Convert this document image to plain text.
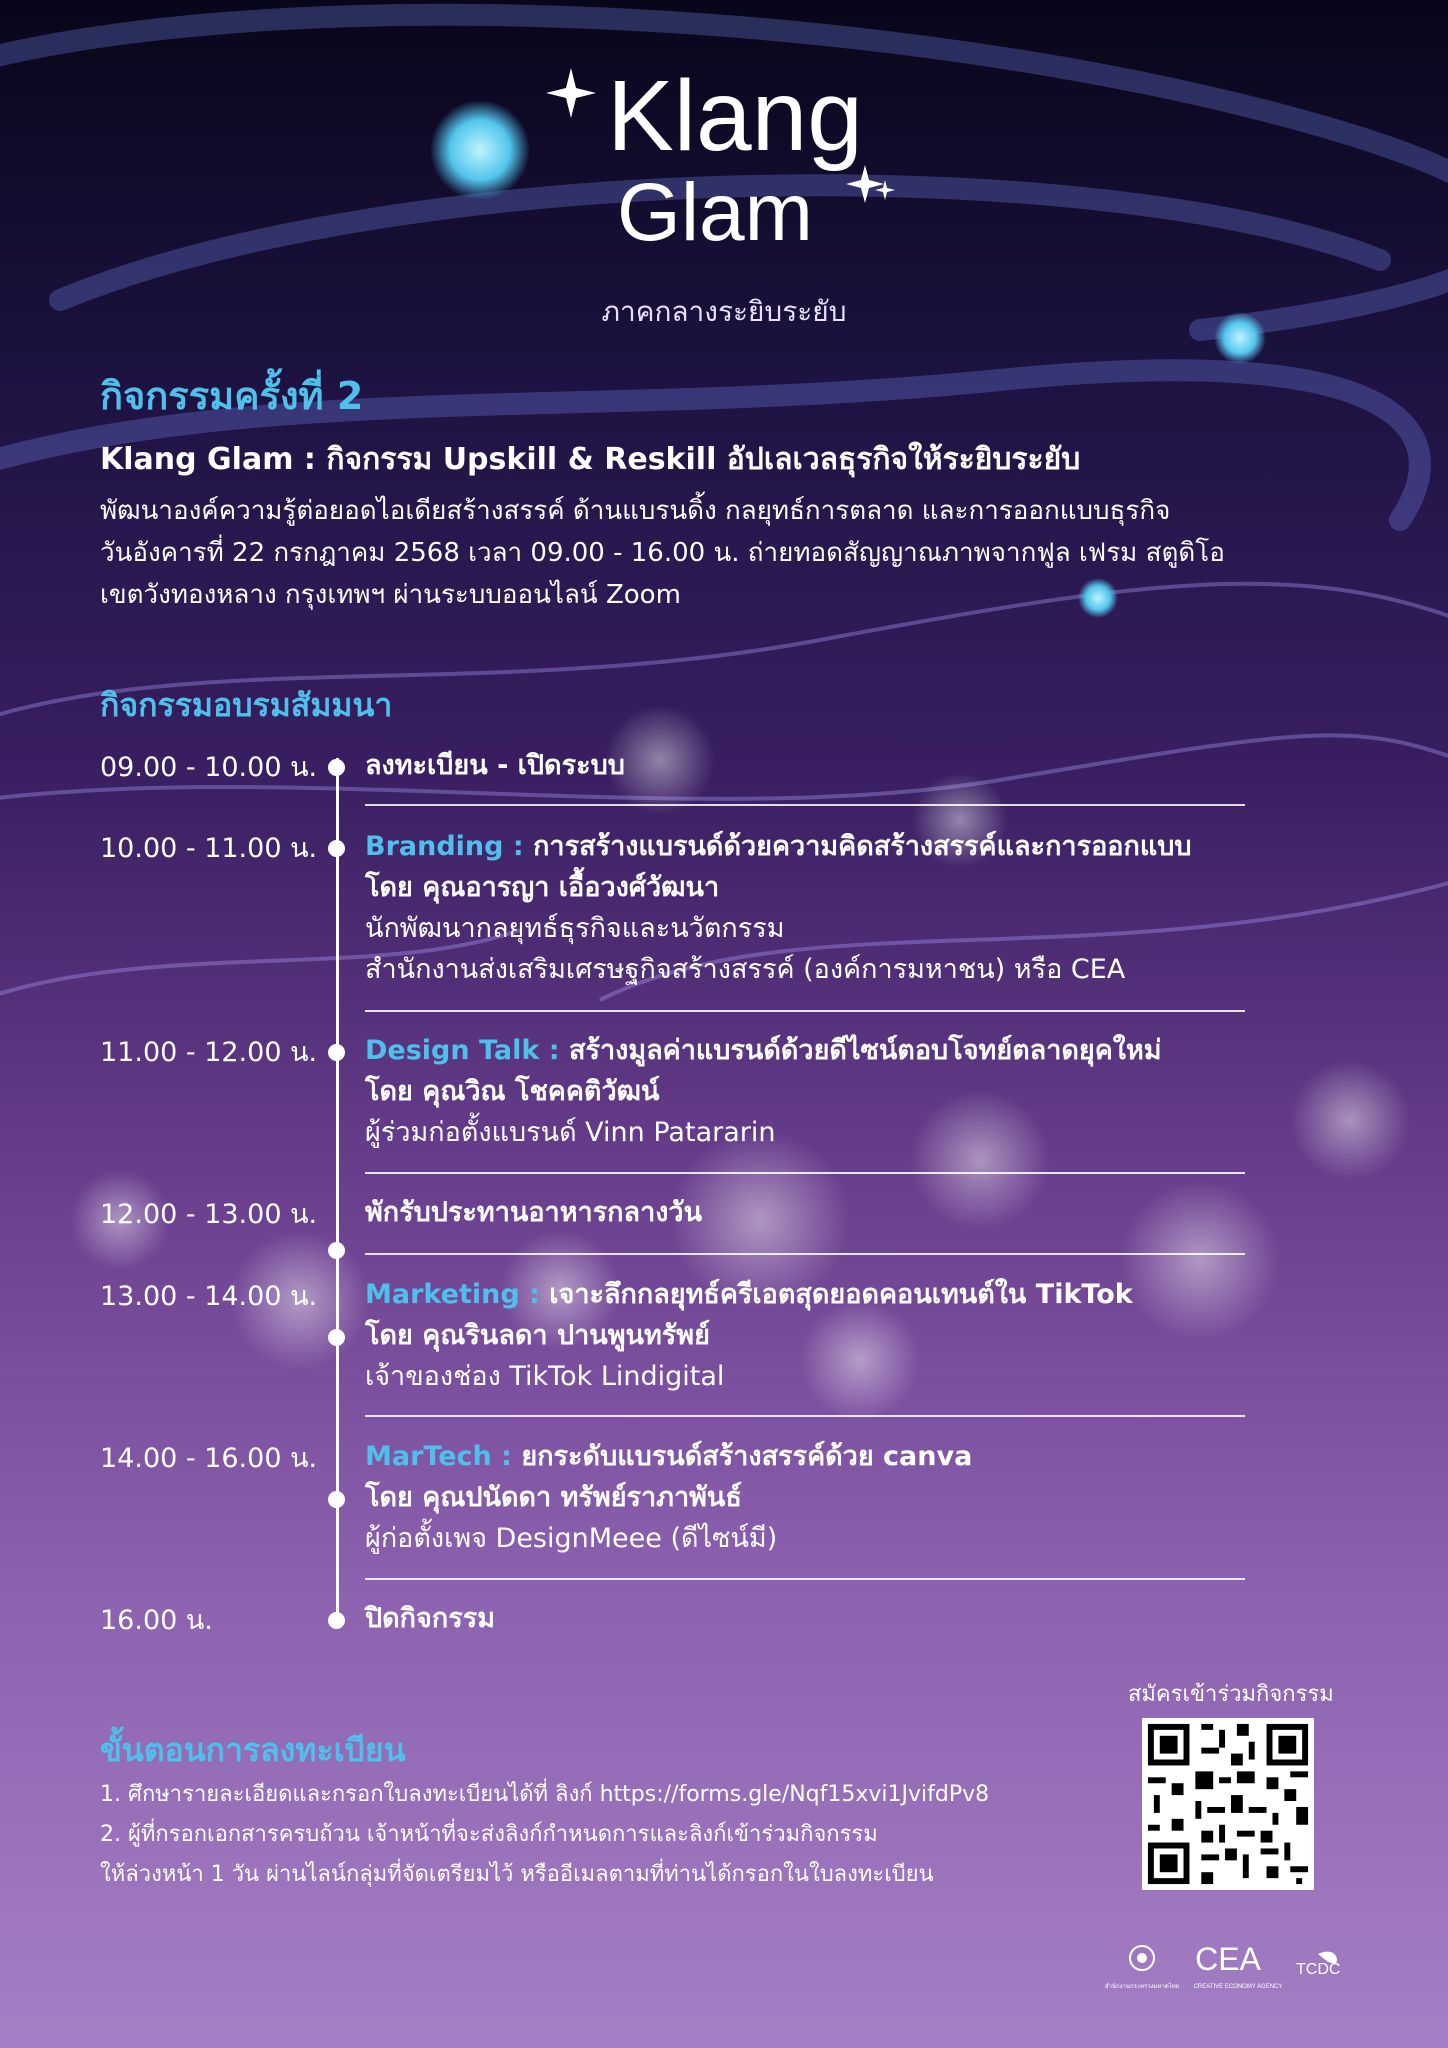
Klang
Glam
ภาคกลางระยิบระยับ
กิจกรรมครั้งที่ 2
Klang Glam : กิจกรรม Upskill & Reskill อัปเลเวลธุรกิจให้ระยิบระยับ
พัฒนาองค์ความรู้ต่อยอดไอเดียสร้างสรรค์ ด้านแบรนดิ้ง กลยุทธ์การตลาด และการออกแบบธุรกิจ
วันอังคารที่ 22 กรกฎาคม 2568 เวลา 09.00 - 16.00 น. ถ่ายทอดสัญญาณภาพจากฟูล เฟรม สตูดิโอ
เขตวังทองหลาง กรุงเทพฯ ผ่านระบบออนไลน์ Zoom
กิจกรรมอบรมสัมมนา
09.00 - 10.00 น. ลงทะเบียน - เปิดระบบ
10.00 - 11.00 น. Branding : การสร้างแบรนด์ด้วยความคิดสร้างสรรค์และการออกแบบ
โดย คุณอารญา เอื้อวงศ์วัฒนา
นักพัฒนากลยุทธ์ธุรกิจและนวัตกรรม
สำนักงานส่งเสริมเศรษฐกิจสร้างสรรค์ (องค์การมหาชน) หรือ CEA
11.00 - 12.00 น. Design Talk : สร้างมูลค่าแบรนด์ด้วยดีไซน์ตอบโจทย์ตลาดยุคใหม่
โดย คุณวิณ โชคคติวัฒน์
ผู้ร่วมก่อตั้งแบรนด์ Vinn Patararin
12.00 - 13.00 น. พักรับประทานอาหารกลางวัน
13.00 - 14.00 น. Marketing : เจาะลึกกลยุทธ์ครีเอตสุดยอดคอนเทนต์ใน TikTok
โดย คุณรินลดา ปานพูนทรัพย์
เจ้าของช่อง TikTok Lindigital
14.00 - 16.00 น. MarTech : ยกระดับแบรนด์สร้างสรรค์ด้วย canva
โดย คุณปนัดดา ทรัพย์ราภาพันธ์
ผู้ก่อตั้งเพจ DesignMeee (ดีไซน์มี)
16.00 น.	ปิดกิจกรรม
ขั้นตอนการลงทะเบียน
1. ศึกษารายละเอียดและกรอกใบลงทะเบียนได้ที่ ลิงก์ https://forms.gle/Nqf15xvi1JvifdPv8
2. ผู้ที่กรอกเอกสารครบถ้วน เจ้าหน้าที่จะส่งลิงก์กำหนดการและลิงก์เข้าร่วมกิจกรรม
ให้ล่วงหน้า 1 วัน ผ่านไลน์กลุ่มที่จัดเตรียมไว้ หรืออีเมลตามที่ท่านได้กรอกในใบลงทะเบียน
สมัครเข้าร่วมกิจกรรม
สำนักงานกระทรวงมหาดไทย
CEA
CREATIVE ECONOMY AGENCY
TCDC
